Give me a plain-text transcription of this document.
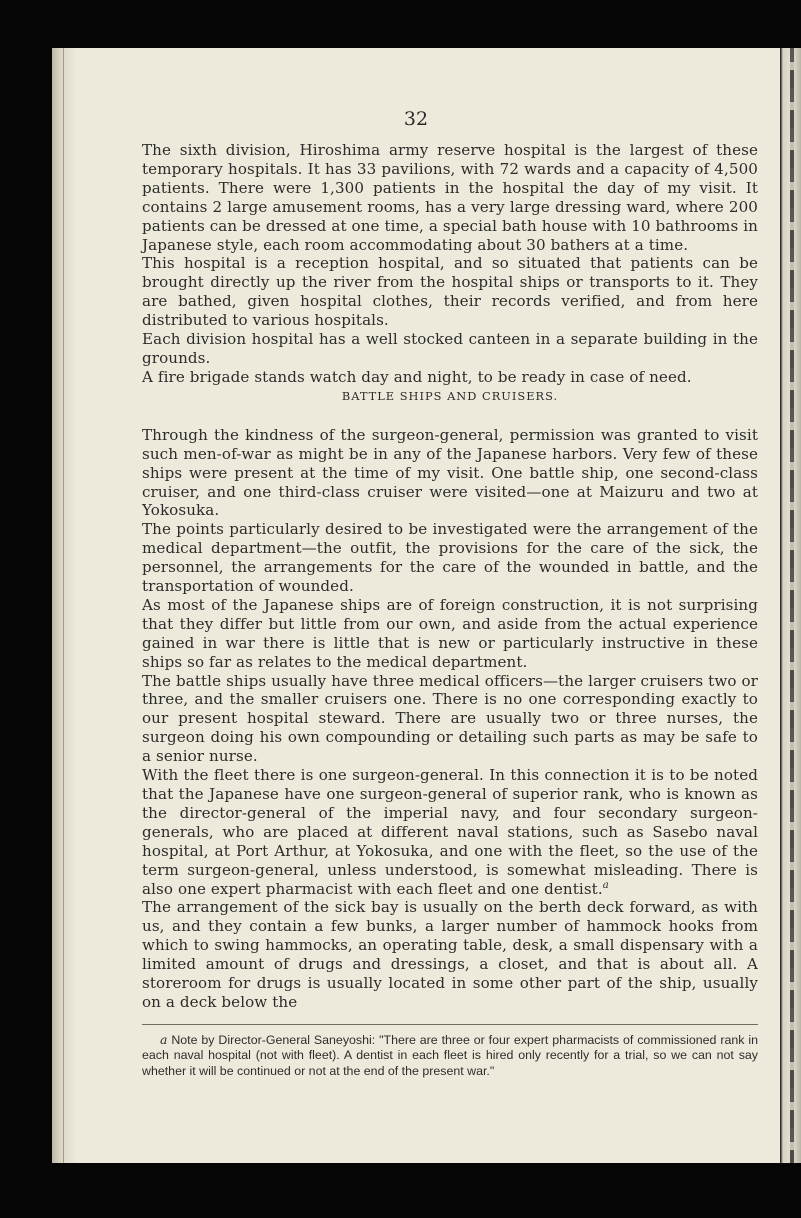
32

The sixth division, Hiroshima army reserve hospital is the largest of these temporary hospitals. It has 33 pavilions, with 72 wards and a capacity of 4,500 patients. There were 1,300 patients in the hospital the day of my visit. It contains 2 large amusement rooms, has a very large dressing ward, where 200 patients can be dressed at one time, a special bath house with 10 bathrooms in Japanese style, each room accommodating about 30 bathers at a time.

This hospital is a reception hospital, and so situated that patients can be brought directly up the river from the hospital ships or transports to it. They are bathed, given hospital clothes, their records verified, and from here distributed to various hospitals.

Each division hospital has a well stocked canteen in a separate building in the grounds.

A fire brigade stands watch day and night, to be ready in case of need.

BATTLE SHIPS AND CRUISERS.

Through the kindness of the surgeon-general, permission was granted to visit such men-of-war as might be in any of the Japanese harbors. Very few of these ships were present at the time of my visit. One battle ship, one second-class cruiser, and one third-class cruiser were visited—one at Maizuru and two at Yokosuka.

The points particularly desired to be investigated were the arrangement of the medical department—the outfit, the provisions for the care of the sick, the personnel, the arrangements for the care of the wounded in battle, and the transportation of wounded.

As most of the Japanese ships are of foreign construction, it is not surprising that they differ but little from our own, and aside from the actual experience gained in war there is little that is new or particularly instructive in these ships so far as relates to the medical department.

The battle ships usually have three medical officers—the larger cruisers two or three, and the smaller cruisers one. There is no one corresponding exactly to our present hospital steward. There are usually two or three nurses, the surgeon doing his own compounding or detailing such parts as may be safe to a senior nurse.

With the fleet there is one surgeon-general. In this connection it is to be noted that the Japanese have one surgeon-general of superior rank, who is known as the director-general of the imperial navy, and four secondary surgeon-generals, who are placed at different naval stations, such as Sasebo naval hospital, at Port Arthur, at Yokosuka, and one with the fleet, so the use of the term surgeon-general, unless understood, is somewhat misleading. There is also one expert pharmacist with each fleet and one dentist.$^a$

The arrangement of the sick bay is usually on the berth deck forward, as with us, and they contain a few bunks, a larger number of hammock hooks from which to swing hammocks, an operating table, desk, a small dispensary with a limited amount of drugs and dressings, a closet, and that is about all. A storeroom for drugs is usually located in some other part of the ship, usually on a deck below the

a Note by Director-General Saneyoshi: "There are three or four expert pharmacists of commissioned rank in each naval hospital (not with fleet). A dentist in each fleet is hired only recently for a trial, so we can not say whether it will be continued or not at the end of the present war."
